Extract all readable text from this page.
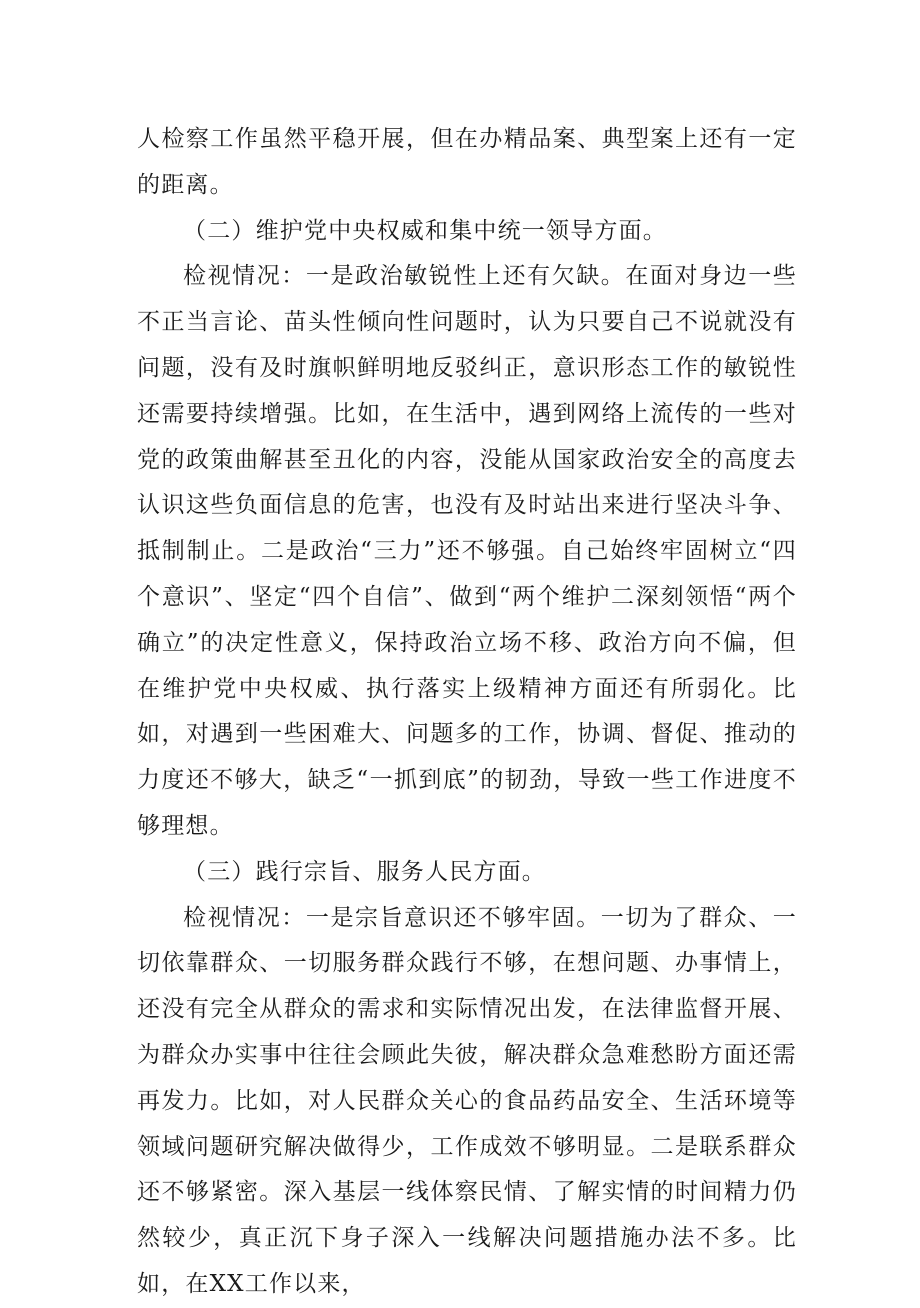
人检察工作虽然平稳开展，但在办精品案、典型案上还有一定的距离。

（二）维护党中央权威和集中统一领导方面。

检视情况：一是政治敏锐性上还有欠缺。在面对身边一些不正当言论、苗头性倾向性问题时，认为只要自己不说就没有问题，没有及时旗帜鲜明地反驳纠正，意识形态工作的敏锐性还需要持续增强。比如，在生活中，遇到网络上流传的一些对党的政策曲解甚至丑化的内容，没能从国家政治安全的高度去认识这些负面信息的危害，也没有及时站出来进行坚决斗争、抵制制止。二是政治“三力”还不够强。自己始终牢固树立“四个意识”、坚定“四个自信”、做到“两个维护二深刻领悟“两个确立”的决定性意义，保持政治立场不移、政治方向不偏，但在维护党中央权威、执行落实上级精神方面还有所弱化。比如，对遇到一些困难大、问题多的工作，协调、督促、推动的力度还不够大，缺乏“一抓到底”的韧劲，导致一些工作进度不够理想。

（三）践行宗旨、服务人民方面。

检视情况：一是宗旨意识还不够牢固。一切为了群众、一切依靠群众、一切服务群众践行不够，在想问题、办事情上，还没有完全从群众的需求和实际情况出发，在法律监督开展、为群众办实事中往往会顾此失彼，解决群众急难愁盼方面还需再发力。比如，对人民群众关心的食品药品安全、生活环境等领域问题研究解决做得少，工作成效不够明显。二是联系群众还不够紧密。深入基层一线体察民情、了解实情的时间精力仍然较少，真正沉下身子深入一线解决问题措施办法不多。比如，在XX工作以来，
